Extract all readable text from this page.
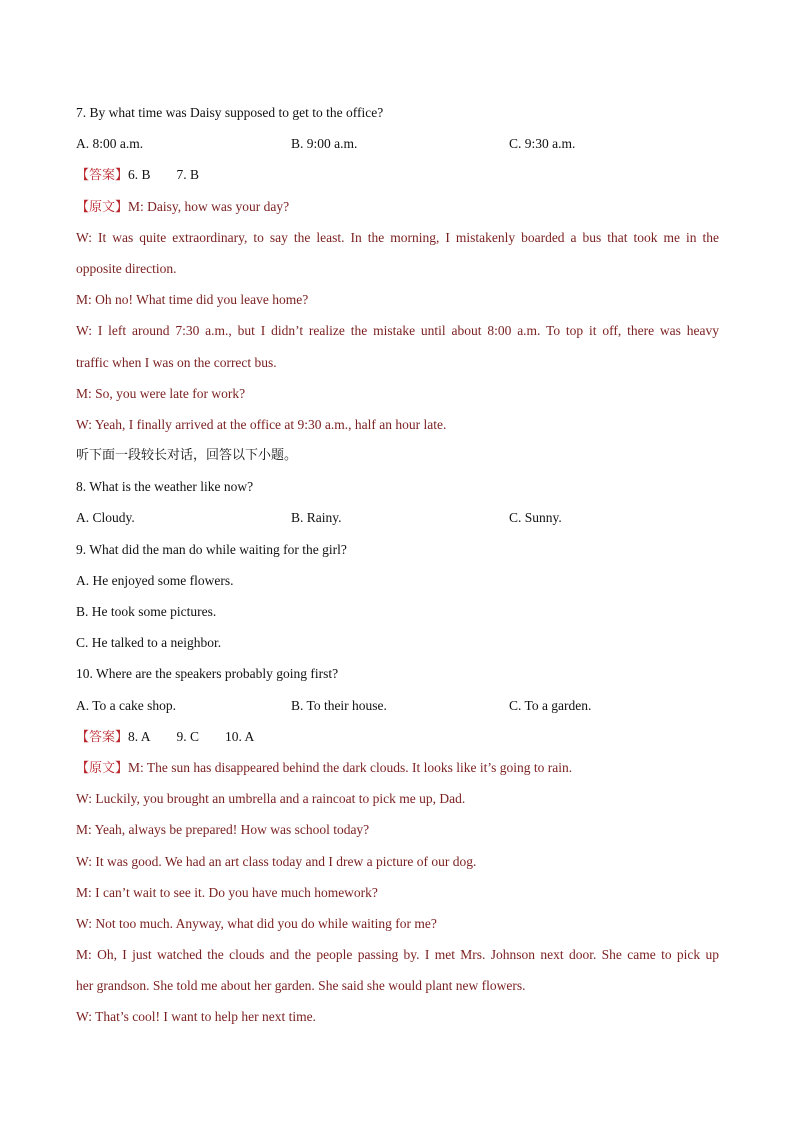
7. By what time was Daisy supposed to get to the office?
A. 8:00 a.m.	B. 9:00 a.m.	C. 9:30 a.m.
【答案】6. B 7. B
【原文】M: Daisy, how was your day?
W: It was quite extraordinary, to say the least. In the morning, I mistakenly boarded a bus that took me in the
opposite direction.
M: Oh no! What time did you leave home?
W: I left around 7:30 a.m., but I didn’t realize the mistake until about 8:00 a.m. To top it off, there was heavy
traffic when I was on the correct bus.
M: So, you were late for work?
W: Yeah, I finally arrived at the office at 9:30 a.m., half an hour late.
听下面一段较长对话，回答以下小题。
8. What is the weather like now?
A. Cloudy.	B. Rainy.	C. Sunny.
9. What did the man do while waiting for the girl?
A. He enjoyed some flowers.
B. He took some pictures.
C. He talked to a neighbor.
10. Where are the speakers probably going first?
A. To a cake shop.	B. To their house.	C. To a garden.
【答案】8. A 9. C 10. A
【原文】M: The sun has disappeared behind the dark clouds. It looks like it’s going to rain.
W: Luckily, you brought an umbrella and a raincoat to pick me up, Dad.
M: Yeah, always be prepared! How was school today?
W: It was good. We had an art class today and I drew a picture of our dog.
M: I can’t wait to see it. Do you have much homework?
W: Not too much. Anyway, what did you do while waiting for me?
M: Oh, I just watched the clouds and the people passing by. I met Mrs. Johnson next door. She came to pick up
her grandson. She told me about her garden. She said she would plant new flowers.
W: That’s cool! I want to help her next time.
